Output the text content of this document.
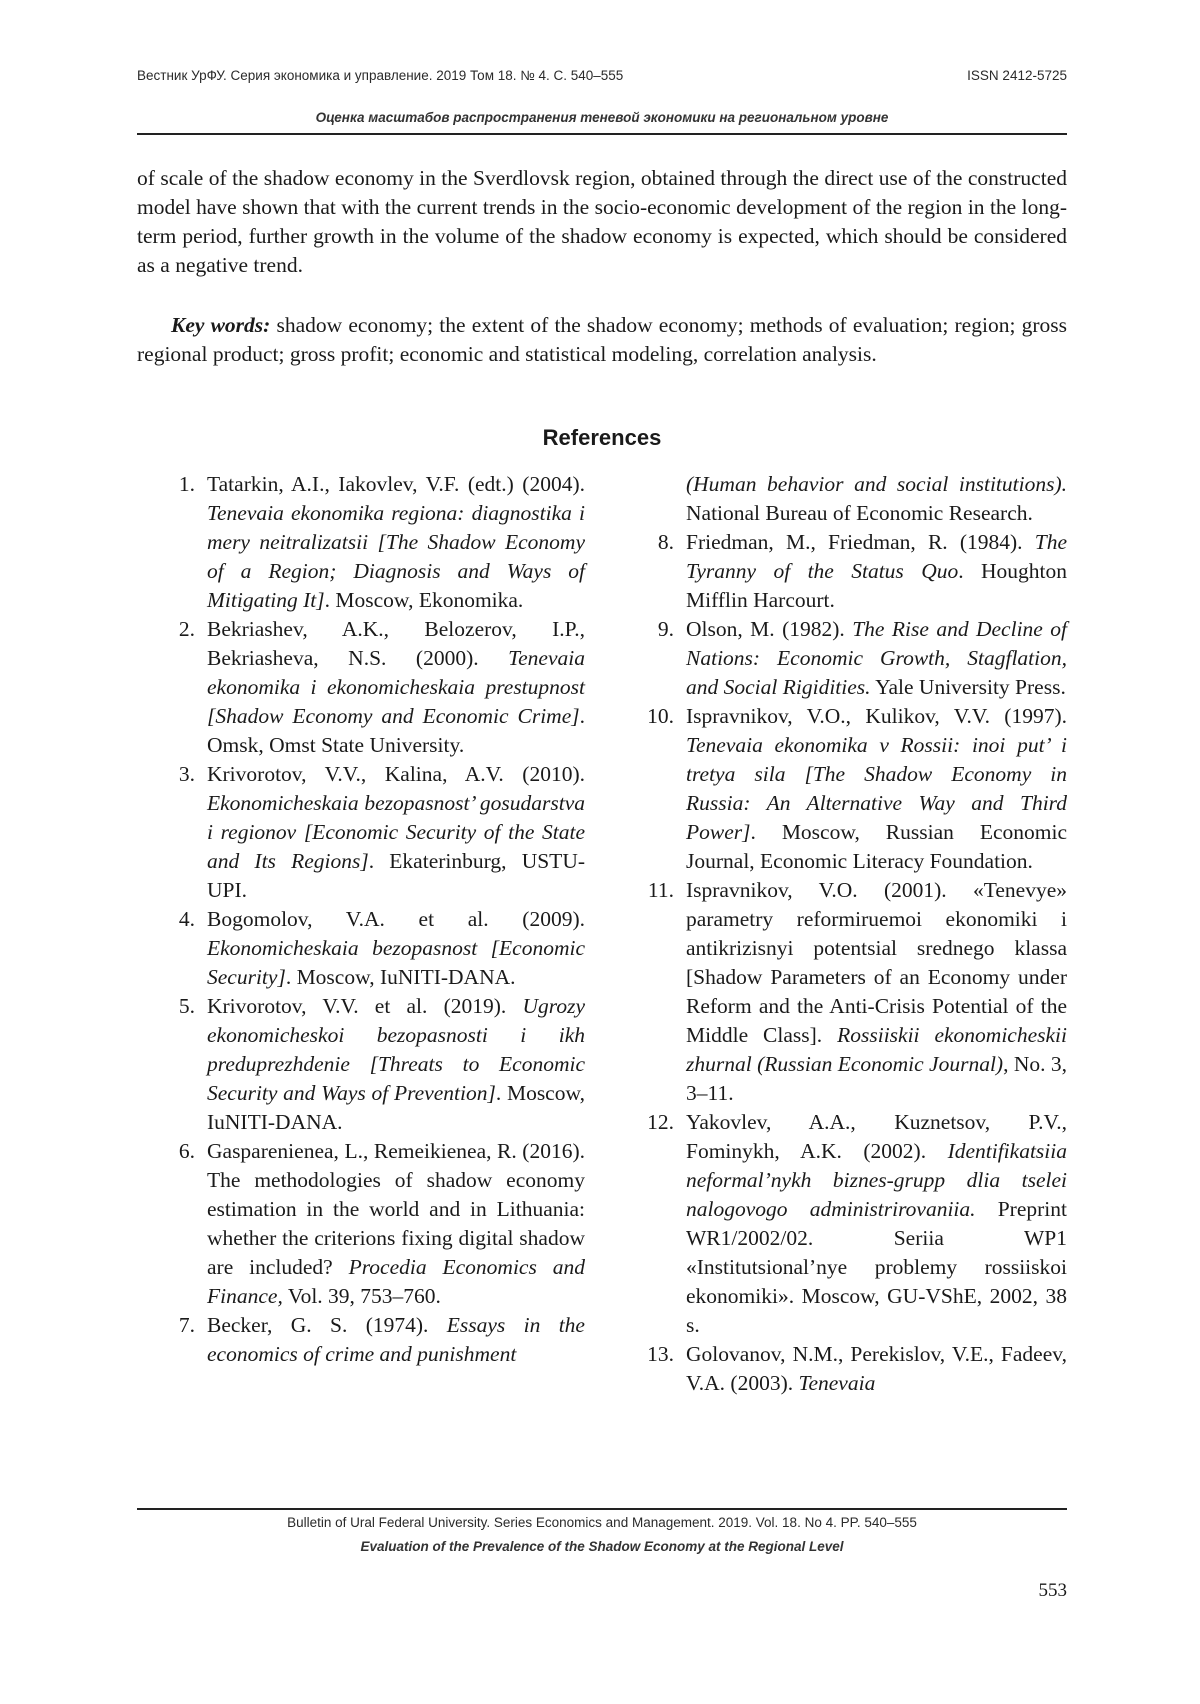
Вестник УрФУ. Серия экономика и управление. 2019 Том 18. № 4. С. 540–555	ISSN 2412-5725
Оценка масштабов распространения теневой экономики на региональном уровне

of scale of the shadow economy in the Sverdlovsk region, obtained through the direct use of the constructed model have shown that with the current trends in the socio-economic development of the region in the long-term period, further growth in the volume of the shadow economy is expected, which should be considered as a negative trend.

Key words: shadow economy; the extent of the shadow economy; methods of evaluation; region; gross regional product; gross profit; economic and statistical modeling, correlation analysis.

References
1. Tatarkin, A.I., Iakovlev, V.F. (edt.) (2004). Tenevaia ekonomika regiona: diagnostika i mery neitralizatsii [The Shadow Economy of a Region; Diagnosis and Ways of Mitigating It]. Moscow, Ekonomika.
2. Bekriashev, A.K., Belozerov, I.P., Bekriasheva, N.S. (2000). Tenevaia ekonomika i ekonomicheskaia prestupnost [Shadow Economy and Economic Crime]. Omsk, Omst State University.
3. Krivorotov, V.V., Kalina, A.V. (2010). Ekonomicheskaia bezopasnost’ gosudarstva i regionov [Economic Security of the State and Its Regions]. Ekaterinburg, USTU-UPI.
4. Bogomolov, V.A. et al. (2009). Ekonomicheskaia bezopasnost [Economic Security]. Moscow, IuNITI-DANA.
5. Krivorotov, V.V. et al. (2019). Ugrozy ekonomicheskoi bezopasnosti i ikh preduprezhdenie [Threats to Economic Security and Ways of Prevention]. Moscow, IuNITI-DANA.
6. Gasparenienea, L., Remeikienea, R. (2016). The methodologies of shadow economy estimation in the world and in Lithuania: whether the criterions fixing digital shadow are included? Procedia Economics and Finance, Vol. 39, 753–760.
7. Becker, G. S. (1974). Essays in the economics of crime and punishment
(Human behavior and social institutions). National Bureau of Economic Research.
8. Friedman, M., Friedman, R. (1984). The Tyranny of the Status Quo. Houghton Mifflin Harcourt.
9. Olson, M. (1982). The Rise and Decline of Nations: Economic Growth, Stagflation, and Social Rigidities. Yale University Press.
10. Ispravnikov, V.O., Kulikov, V.V. (1997). Tenevaia ekonomika v Rossii: inoi put’ i tretya sila [The Shadow Economy in Russia: An Alternative Way and Third Power]. Moscow, Russian Economic Journal, Economic Literacy Foundation.
11. Ispravnikov, V.O. (2001). «Tenevye» parametry reformiruemoi ekonomiki i antikrizisnyi potentsial srednego klassa [Shadow Parameters of an Economy under Reform and the Anti-Crisis Potential of the Middle Class]. Rossiiskii ekonomicheskii zhurnal (Russian Economic Journal), No. 3, 3–11.
12. Yakovlev, A.A., Kuznetsov, P.V., Fominykh, A.K. (2002). Identifikatsiia neformal’nykh biznes-grupp dlia tselei nalogovogo administrirovaniia. Preprint WR1/2002/02. Seriia WP1 «Institutsional’nye problemy rossiiskoi ekonomiki». Moscow, GU-VShE, 2002, 38 s.
13. Golovanov, N.M., Perekislov, V.E., Fadeev, V.A. (2003). Tenevaia
Bulletin of Ural Federal University. Series Economics and Management. 2019. Vol. 18. No 4. PP. 540–555
Evaluation of the Prevalence of the Shadow Economy at the Regional Level
553
